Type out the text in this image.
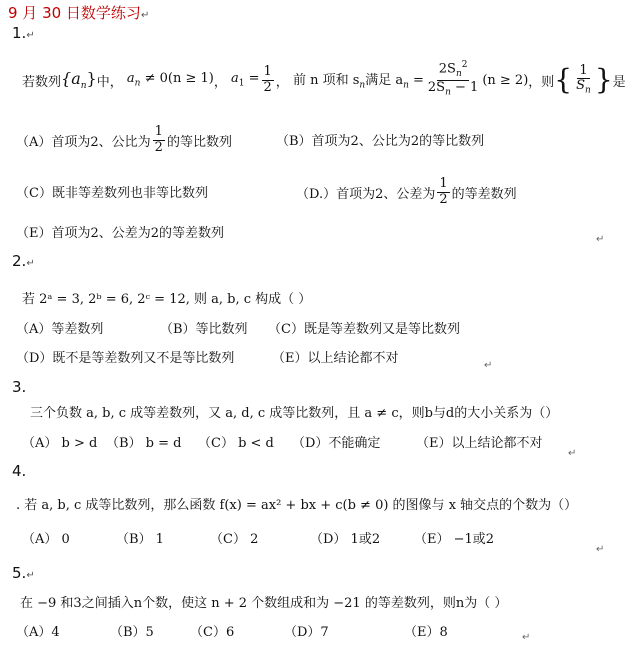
9 月 30 日数学练习↵
1.↵
若数列 $\{a_n\}$ 中， $a_n \ne 0(n \ge 1)$ ， $a_1 = \frac{1}{2}$ ， 前 n 项和 $s_n$ 满足 $a_n = \frac{2S_n^2}{2S_n - 1} (n \ge 2)$ ，则 { $\frac{1}{S_n}$ } 是
（A）首项为2、公比为 $\frac{1}{2}$ 的等比数列	（B）首项为2、公比为2的等比数列
（C）既非等差数列也非等比数列	（D.）首项为2、公差为 $\frac{1}{2}$ 的等差数列
（E）首项为2、公差为2的等差数列	↵
2.↵
若 2ᵃ = 3, 2ᵇ = 6, 2ᶜ = 12, 则 a, b, c 构成（ ）
（A）等差数列	（B）等比数列 （C）既是等差数列又是等比数列
（D）既不是等差数列又不是等比数列	（E）以上结论都不对	↵
3.
三个负数 a, b, c 成等差数列，又 a, d, c 成等比数列，且 a ≠ c，则b与d的大小关系为（）
（A） b > d （B） b = d （C） b < d （D）不能确定	（E）以上结论都不对
↵
4.
. 若 a, b, c 成等比数列，那么函数 f(x) = ax² + bx + c(b ≠ 0) 的图像与 x 轴交点的个数为（）
（A） 0	（B） 1	（C） 2	（D） 1或2	（E） −1或2
↵
5.↵
在 −9 和3之间插入n个数，使这 n + 2 个数组成和为 −21 的等差数列，则n为（ ）
（A）4	（B）5	（C）6	（D）7	（E）8	↵
